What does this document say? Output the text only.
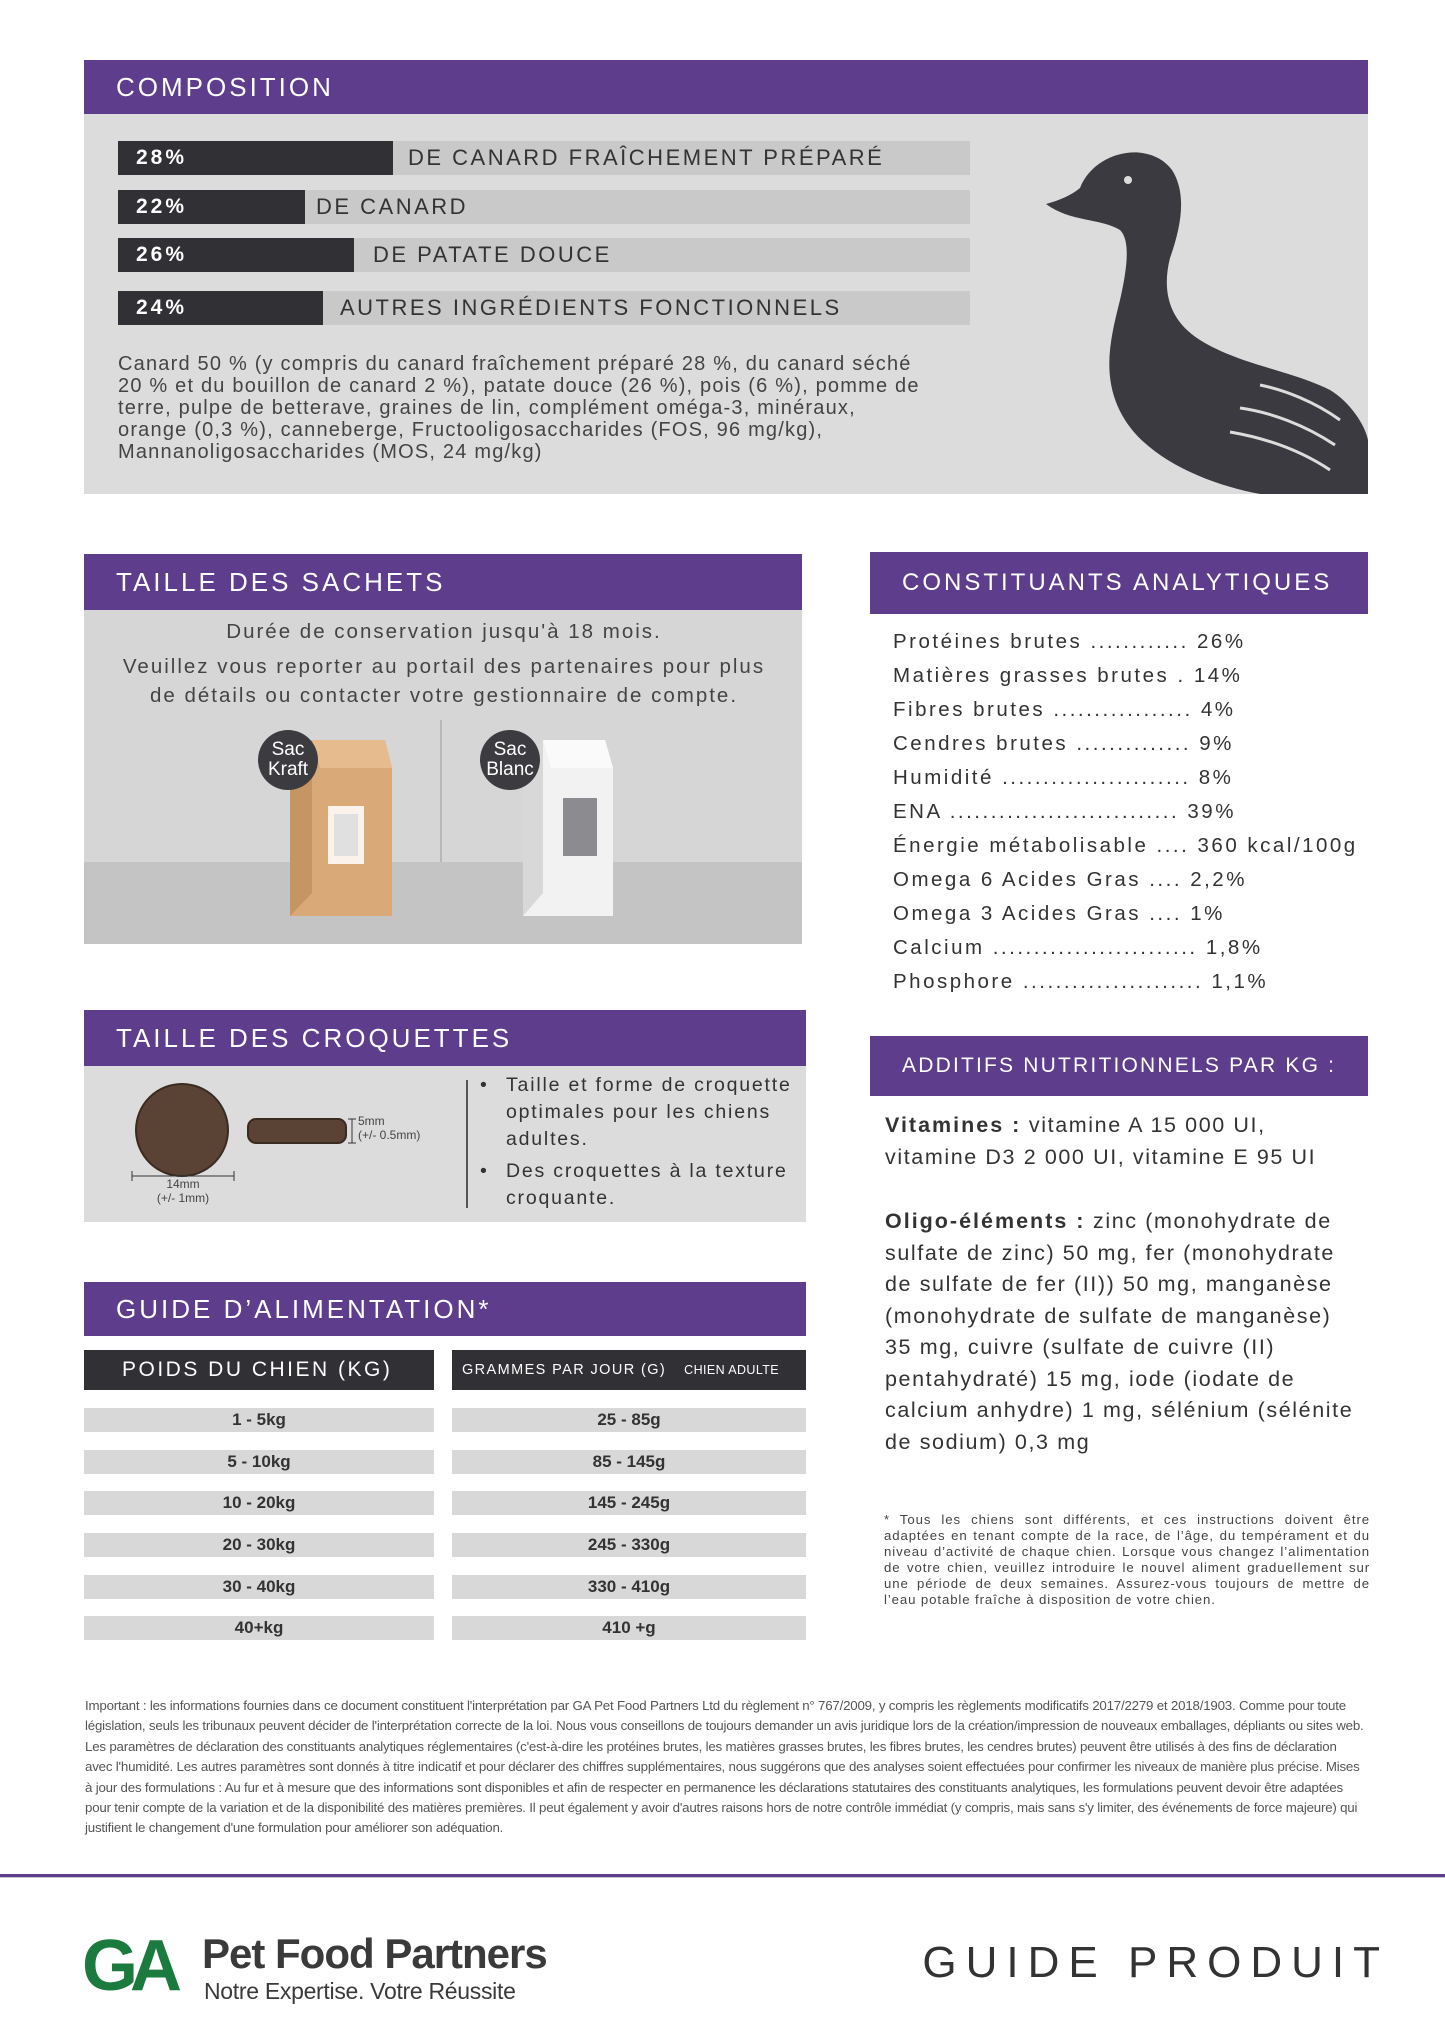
COMPOSITION
28%	DE CANARD FRAÎCHEMENT PRÉPARÉ
22%	DE CANARD
26%	DE PATATE DOUCE
24%	AUTRES INGRÉDIENTS FONCTIONNELS
Canard 50 % (y compris du canard fraîchement préparé 28 %, du canard séché
20 % et du bouillon de canard 2 %), patate douce (26 %), pois (6 %), pomme de
terre, pulpe de betterave, graines de lin, complément oméga-3, minéraux,
orange (0,3 %), canneberge, Fructooligosaccharides (FOS, 96 mg/kg),
Mannanoligosaccharides (MOS, 24 mg/kg)
TAILLE DES SACHETS
Durée de conservation jusqu'à 18 mois.
Veuillez vous reporter au portail des partenaires pour plus
de détails ou contacter votre gestionnaire de compte.
Sac
Kraft
Sac
Blanc
CONSTITUANTS ANALYTIQUES
Protéines brutes ............ 26%
Matières grasses brutes . 14%
Fibres brutes ................. 4%
Cendres brutes .............. 9%
Humidité ....................... 8%
ENA ............................ 39%
Énergie métabolisable .... 360 kcal/100g
Omega 6 Acides Gras .... 2,2%
Omega 3 Acides Gras .... 1%
Calcium ......................... 1,8%
Phosphore ...................... 1,1%
ADDITIFS NUTRITIONNELS PAR KG :
Vitamines : vitamine A 15 000 UI,
vitamine D3 2 000 UI, vitamine E 95 UI
Oligo-éléments : zinc (monohydrate de
sulfate de zinc) 50 mg, fer (monohydrate
de sulfate de fer (II)) 50 mg, manganèse
(monohydrate de sulfate de manganèse)
35 mg, cuivre (sulfate de cuivre (II)
pentahydraté) 15 mg, iode (iodate de
calcium anhydre) 1 mg, sélénium (sélénite
de sodium) 0,3 mg
TAILLE DES CROQUETTES
14mm
(+/- 1mm)
5mm
(+/- 0.5mm)
• Taille et forme de croquette optimales pour les chiens adultes.
• Des croquettes à la texture croquante.
GUIDE D’ALIMENTATION*
POIDS DU CHIEN (KG)	GRAMMES PAR JOUR (G) CHIEN ADULTE
1 - 5kg	25 - 85g
5 - 10kg	85 - 145g
10 - 20kg	145 - 245g
20 - 30kg	245 - 330g
30 - 40kg	330 - 410g
40+kg	410 +g
* Tous les chiens sont différents, et ces instructions doivent être adaptées en tenant compte de la race, de l’âge, du tempérament et du niveau d’activité de chaque chien. Lorsque vous changez l’alimentation de votre chien, veuillez introduire le nouvel aliment graduellement sur une période de deux semaines. Assurez-vous toujours de mettre de l’eau potable fraîche à disposition de votre chien.
Important : les informations fournies dans ce document constituent l'interprétation par GA Pet Food Partners Ltd du règlement n° 767/2009, y compris les règlements modificatifs 2017/2279 et 2018/1903. Comme pour toute législation, seuls les tribunaux peuvent décider de l'interprétation correcte de la loi. Nous vous conseillons de toujours demander un avis juridique lors de la création/impression de nouveaux emballages, dépliants ou sites web. Les paramètres de déclaration des constituants analytiques réglementaires (c'est-à-dire les protéines brutes, les matières grasses brutes, les fibres brutes, les cendres brutes) peuvent être utilisés à des fins de déclaration avec l'humidité. Les autres paramètres sont donnés à titre indicatif et pour déclarer des chiffres supplémentaires, nous suggérons que des analyses soient effectuées pour confirmer les niveaux de manière plus précise. Mises à jour des formulations : Au fur et à mesure que des informations sont disponibles et afin de respecter en permanence les déclarations statutaires des constituants analytiques, les formulations peuvent devoir être adaptées pour tenir compte de la variation et de la disponibilité des matières premières. Il peut également y avoir d'autres raisons hors de notre contrôle immédiat (y compris, mais sans s'y limiter, des événements de force majeure) qui justifient le changement d'une formulation pour améliorer son adéquation.
GA Pet Food Partners
Notre Expertise. Votre Réussite
GUIDE PRODUIT
